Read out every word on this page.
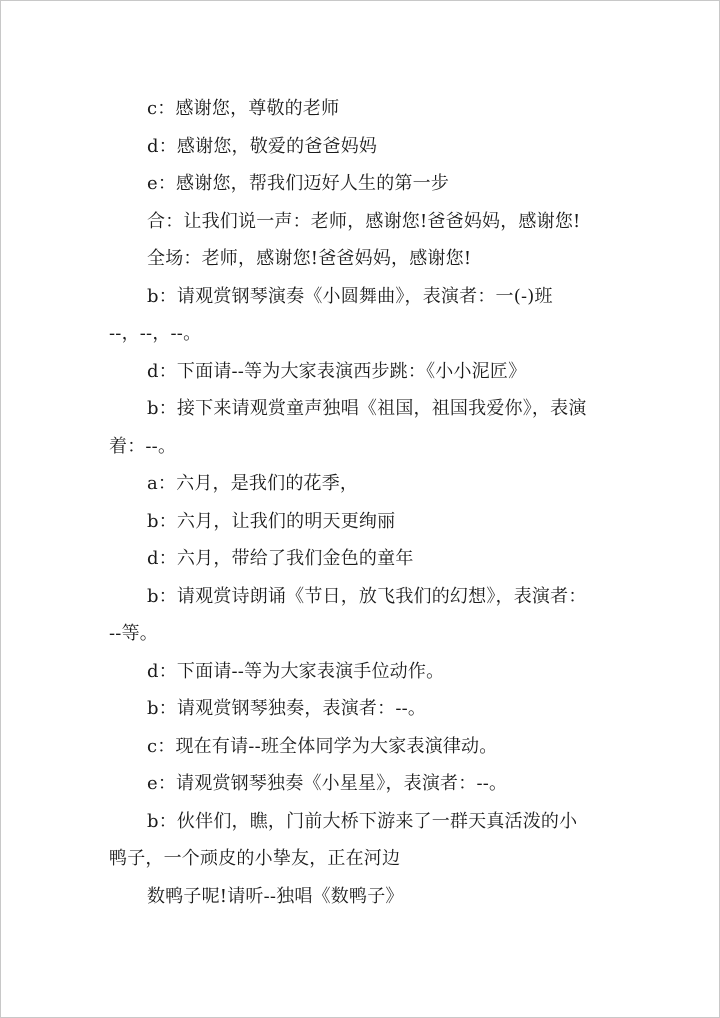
c：感谢您，尊敬的老师
d：感谢您，敬爱的爸爸妈妈
e：感谢您，帮我们迈好人生的第一步
合：让我们说一声：老师，感谢您!爸爸妈妈，感谢您!
全场：老师，感谢您!爸爸妈妈，感谢您!
b：请观赏钢琴演奏《小圆舞曲》，表演者：一(-)班
--，--，--。
d：下面请--等为大家表演西步跳：《小小泥匠》
b：接下来请观赏童声独唱《祖国，祖国我爱你》，表演
着：--。
a：六月，是我们的花季，
b：六月，让我们的明天更绚丽
d：六月，带给了我们金色的童年
b：请观赏诗朗诵《节日，放飞我们的幻想》，表演者：
--等。
d：下面请--等为大家表演手位动作。
b：请观赏钢琴独奏，表演者：--。
c：现在有请--班全体同学为大家表演律动。
e：请观赏钢琴独奏《小星星》，表演者：--。
b：伙伴们，瞧，门前大桥下游来了一群天真活泼的小
鸭子，一个顽皮的小挚友，正在河边
数鸭子呢!请听--独唱《数鸭子》
